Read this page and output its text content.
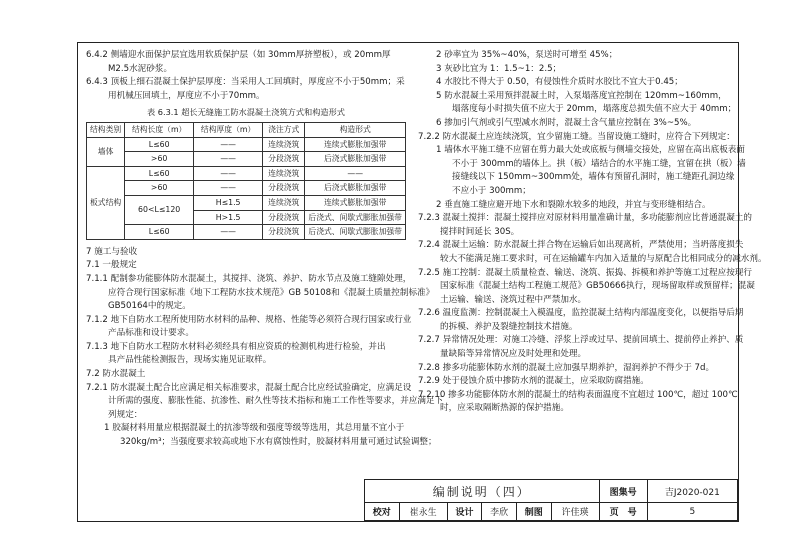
6.4.2 侧墙迎水面保护层宜选用软质保护层（如 30mm厚挤塑板），或 20mm厚
M2.5水泥砂浆。
6.4.3 顶板上细石混凝土保护层厚度：当采用人工回填时，厚度应不小于50mm；采
用机械压回填土，厚度应不小于70mm。
表 6.3.1 超长无缝施工防水混凝土浇筑方式和构造形式
结构类别	结构长度（m）	结构厚度（m）	浇注方式	构造形式
墙体	L≤60	——	连续浇筑	连续式膨胀加强带
	>60	——	分段浇筑	后浇式膨胀加强带
板式结构	L≤60	——	连续浇筑	——
	>60	——	分段浇筑	后浇式膨胀加强带
	60<L≤120	H≤1.5	连续浇筑	连续式膨胀加强带
		H>1.5	分段浇筑	后浇式、间歇式膨胀加强带
	L≤60	——	分段浇筑	后浇式、间歇式膨胀加强带
7 施工与验收
7.1 一般规定
7.1.1 配制参功能膨体防水混凝土，其搅拌、浇筑、养护、防水节点及施工缝隙处理，
应符合现行国家标准《地下工程防水技术规范》GB 50108和《混凝土质量控制标准》
GB50164中的规定。
7.1.2 地下自防水工程所使用防水材料的品种、规格、性能等必须符合现行国家或行业
产品标准和设计要求。
7.1.3 地下自防水工程防水材料必须经具有相应资质的检测机构进行检验，并出
具产品性能检测报告，现场实施见证取样。
7.2 防水混凝土
7.2.1 防水混凝土配合比应满足相关标准要求，混凝土配合比应经试验确定，应满足设
计所需的强度、膨胀性能、抗渗性、耐久性等技术指标和施工工作性等要求，并应满足下
列规定：
1 胶凝材料用量应根据混凝土的抗渗等级和强度等级等选用，其总用量不宜小于
320kg/m³；当强度要求较高或地下水有腐蚀性时，胶凝材料用量可通过试验调整；
2 砂率宜为 35%~40%，泵送时可增至 45%；
3 灰砂比宜为 1：1.5~1：2.5；
4 水胶比不得大于 0.50，有侵蚀性介质时水胶比不宜大于0.45；
5 防水混凝土采用预拌混凝土时，入泵塌落度宜控制在 120mm~160mm，
塌落度每小时损失值不应大于 20mm，塌落度总损失值不应大于 40mm；
6 掺加引气剂或引气型减水剂时，混凝土含气量应控制在 3%~5%。
7.2.2 防水混凝土应连续浇筑，宜少留施工缝。当留设施工缝时，应符合下列规定：
1 墙体水平施工缝不应留在剪力最大处或底板与侧墙交接处，应留在高出底板表面
不小于 300mm的墙体上。拱（板）墙结合的水平施工缝，宜留在拱（板）墙
接缝线以下 150mm~300mm处，墙体有预留孔洞时，施工缝距孔洞边缘
不应小于 300mm；
2 垂直施工缝应避开地下水和裂隙水较多的地段，并宜与变形缝相结合。
7.2.3 混凝土搅拌：混凝土搅拌应对原材料用量准确计量，多功能膨剂应比普通混凝土的
搅拌时间延长 30S。
7.2.4 混凝土运输：防水混凝土拌合物在运输后如出现离析，严禁使用；当坍落度损失
较大不能满足施工要求时，可在运输罐车内加入适量的与原配合比相同成分的减水剂。
7.2.5 施工控制：混凝土质量检查、输送、浇筑、振捣、拆模和养护等施工过程应按现行
国家标准《混凝土结构工程施工规范》GB50666执行，现场留取样或预留样；混凝
土运输、输送、浇筑过程中严禁加水。
7.2.6 温度监测：控制混凝土入模温度，监控混凝土结构内部温度变化，以便指导后期
的拆模、养护及裂缝控制技术措施。
7.2.7 异常情况处理：对施工冷缝、浮浆上浮或过早、提前回填土、提前停止养护、质
量缺陷等异常情况应及时处理和处理。
7.2.8 掺多功能膨体防水剂的混凝土应加强早期养护，湿润养护不得少于 7d。
7.2.9 处于侵蚀介质中掺防水剂的混凝土，应采取防腐措施。
7.2.10 掺多功能膨体防水剂的混凝土的结构表面温度不宜超过 100℃，超过 100℃
时，应采取隔断热源的保护措施。
编制说明（四）						图集号	吉J2020-021
校对	崔永生	设计	李欣	制图	许佳瑛	页　号	5
